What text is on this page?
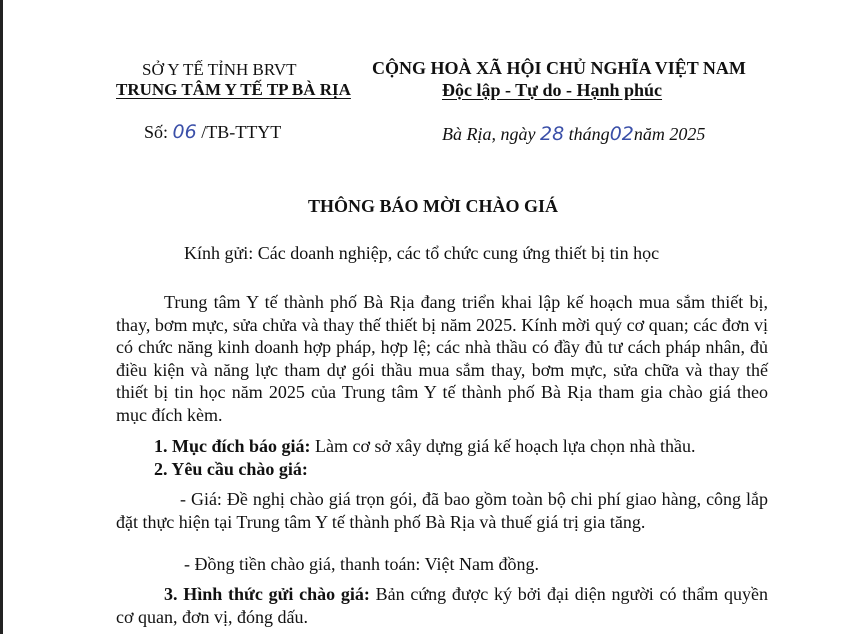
SỞ Y TẾ TỈNH BRVT
TRUNG TÂM Y TẾ TP BÀ RỊA
CỘNG HOÀ XÃ HỘI CHỦ NGHĨA VIỆT NAM
Độc lập - Tự do - Hạnh phúc
Số: 06 /TB-TTYT	Bà Rịa, ngày 28 tháng02năm 2025
THÔNG BÁO MỜI CHÀO GIÁ
Kính gửi: Các doanh nghiệp, các tổ chức cung ứng thiết bị tin học
Trung tâm Y tế thành phố Bà Rịa đang triển khai lập kế hoạch mua sắm thiết bị, thay, bơm mực, sửa chửa và thay thế thiết bị năm 2025. Kính mời quý cơ quan; các đơn vị có chức năng kinh doanh hợp pháp, hợp lệ; các nhà thầu có đầy đủ tư cách pháp nhân, đủ điều kiện và năng lực tham dự gói thầu mua sắm thay, bơm mực, sửa chữa và thay thế thiết bị tin học năm 2025 của Trung tâm Y tế thành phố Bà Rịa tham gia chào giá theo mục đích kèm.
1. Mục đích báo giá: Làm cơ sở xây dựng giá kế hoạch lựa chọn nhà thầu.
2. Yêu cầu chào giá:
- Giá: Đề nghị chào giá trọn gói, đã bao gồm toàn bộ chi phí giao hàng, công lắp đặt thực hiện tại Trung tâm Y tế thành phố Bà Rịa và thuế giá trị gia tăng.
- Đồng tiền chào giá, thanh toán: Việt Nam đồng.
3. Hình thức gửi chào giá: Bản cứng được ký bởi đại diện người có thẩm quyền cơ quan, đơn vị, đóng dấu.
